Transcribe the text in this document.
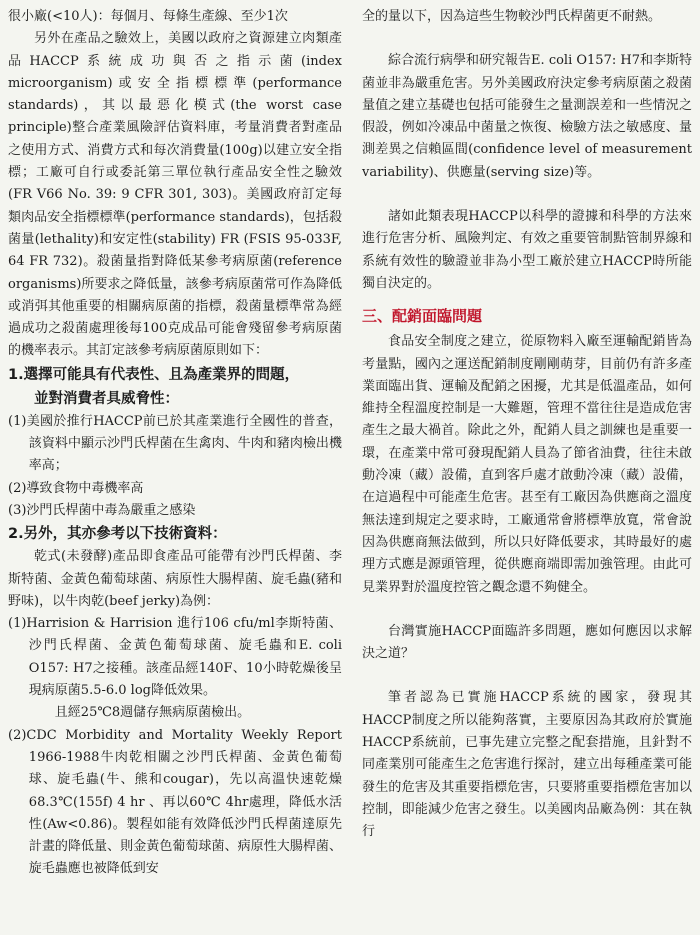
很小廠(<10人)：每個月、每條生產線、至少1次

另外在產品之驗效上，美國以政府之資源建立肉類產品HACCP系統成功與否之指示菌(index microorganism)或安全指標標準(performance standards)，其以最惡化模式(the worst case principle)整合產業風險評估資料庫，考量消費者對產品之使用方式、消費方式和每次消費量(100g)以建立安全指標；工廠可自行或委託第三單位執行產品安全性之驗效(FR V66 No. 39: 9 CFR 301, 303)。美國政府訂定每類肉品安全指標標準(performance standards)，包括殺菌量(lethality)和安定性(stability) FR (FSIS 95-033F, 64 FR 732)。殺菌量指對降低某參考病原菌(reference organisms)所要求之降低量，該參考病原菌常可作為降低或消弭其他重要的相關病原菌的指標，殺菌量標準常為經過成功之殺菌處理後每100克成品可能會殘留參考病原菌的機率表示。其訂定該參考病原菌原則如下：

1.選擇可能具有代表性、且為產業界的問題，
並對消費者具威脅性：

(1)美國於推行HACCP前已於其產業進行全國性的普查，該資料中顯示沙門氏桿菌在生禽肉、牛肉和豬肉檢出機率高；

(2)導致食物中毒機率高

(3)沙門氏桿菌中毒為嚴重之感染

2.另外，其亦參考以下技術資料：

乾式(未發酵)產品即食產品可能帶有沙門氏桿菌、李斯特菌、金黃色葡萄球菌、病原性大腸桿菌、旋毛蟲(豬和野味)，以牛肉乾(beef jerky)為例：

(1)Harrision & Harrision 進行106 cfu/ml李斯特菌、沙門氏桿菌、金黃色葡萄球菌、旋毛蟲和E. coli O157: H7之接種。該產品經140F、10小時乾燥後呈現病原菌5.5-6.0 log降低效果。

且經25℃8週儲存無病原菌檢出。

(2)CDC Morbidity and Mortality Weekly Report 1966-1988牛肉乾相關之沙門氏桿菌、金黃色葡萄球、旋毛蟲(牛、熊和cougar)，先以高溫快速乾燥68.3℃(155f) 4 hr 、再以60℃ 4hr處理，降低水活性(Aw<0.86)。製程如能有效降低沙門氏桿菌達原先計畫的降低量、則金黃色葡萄球菌、病原性大腸桿菌、旋毛蟲應也被降低到安

全的量以下，因為這些生物較沙門氏桿菌更不耐熱。

綜合流行病學和研究報告E. coli O157: H7和李斯特菌並非為嚴重危害。另外美國政府決定參考病原菌之殺菌量值之建立基礎也包括可能發生之量測誤差和一些情況之假設，例如冷凍品中菌量之恢復、檢驗方法之敏感度、量測差異之信賴區間(confidence level of measurement variability)、供應量(serving size)等。

諸如此類表現HACCP以科學的證據和科學的方法來進行危害分析、風險判定、有效之重要管制點管制界線和系統有效性的驗證並非為小型工廠於建立HACCP時所能獨自決定的。

三、配銷面臨問題

食品安全制度之建立，從原物料入廠至運輸配銷皆為考量點，國內之運送配銷制度剛剛萌芽，目前仍有許多產業面臨出貨、運輸及配銷之困擾，尤其是低溫產品，如何維持全程溫度控制是一大難題，管理不當往往是造成危害產生之最大禍首。除此之外，配銷人員之訓練也是重要一環，在產業中常可發現配銷人員為了節省油費，往往未啟動冷凍（藏）設備，直到客戶處才啟動冷凍（藏）設備，在這過程中可能產生危害。甚至有工廠因為供應商之溫度無法達到規定之要求時，工廠通常會將標準放寬，常會說因為供應商無法做到，所以只好降低要求，其時最好的處理方式應是源頭管理，從供應商端即需加強管理。由此可見業界對於溫度控管之觀念還不夠健全。

台灣實施HACCP面臨許多問題，應如何應因以求解決之道？

筆者認為已實施HACCP系統的國家，發現其HACCP制度之所以能夠落實，主要原因為其政府於實施HACCP系統前，已事先建立完整之配套措施，且針對不同產業別可能產生之危害進行探討，建立出每種產業可能發生的危害及其重要指標危害，只要將重要指標危害加以控制，即能減少危害之發生。以美國肉品廠為例：其在執行
